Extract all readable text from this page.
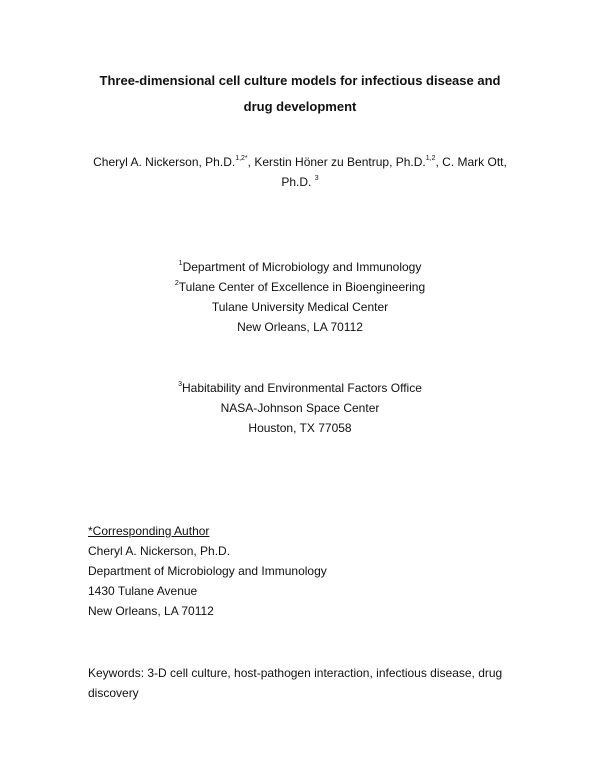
Three-dimensional cell culture models for infectious disease and
drug development
Cheryl A. Nickerson, Ph.D.$^{1,2*}$, Kerstin Höner zu Bentrup, Ph.D.$^{1,2}$, C. Mark Ott,
Ph.D. $^3$
$^1$Department of Microbiology and Immunology
$^2$Tulane Center of Excellence in Bioengineering
Tulane University Medical Center
New Orleans, LA 70112
$^3$Habitability and Environmental Factors Office
NASA-Johnson Space Center
Houston, TX 77058
*Corresponding Author
Cheryl A. Nickerson, Ph.D.
Department of Microbiology and Immunology
1430 Tulane Avenue
New Orleans, LA 70112
Keywords: 3-D cell culture, host-pathogen interaction, infectious disease, drug
discovery
